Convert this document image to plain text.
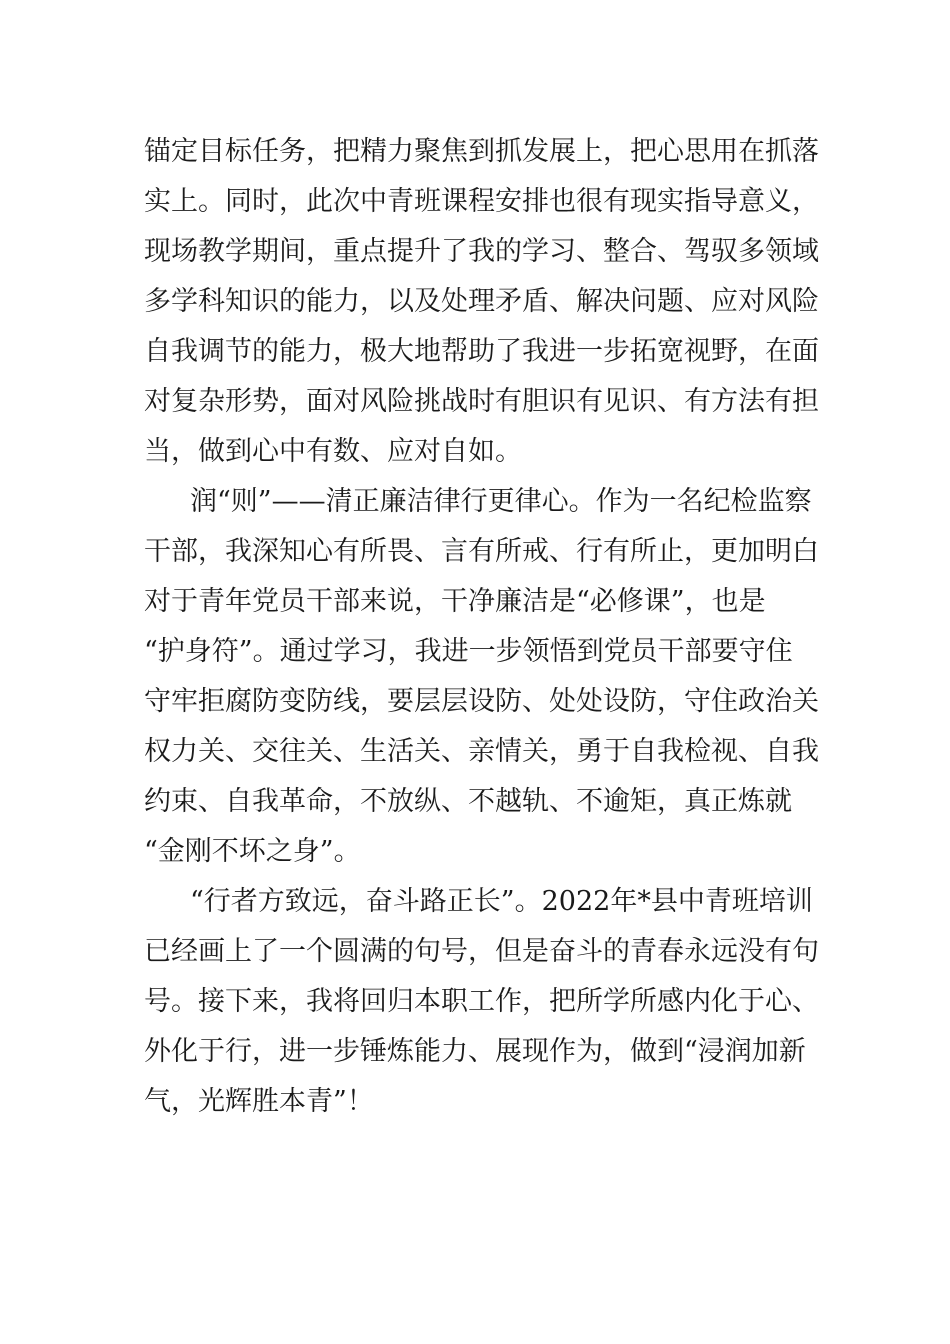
锚定目标任务，把精力聚焦到抓发展上，把心思用在抓落

实上。同时，此次中青班课程安排也很有现实指导意义，

现场教学期间，重点提升了我的学习、整合、驾驭多领域

多学科知识的能力，以及处理矛盾、解决问题、应对风险

自我调节的能力，极大地帮助了我进一步拓宽视野，在面

对复杂形势，面对风险挑战时有胆识有见识、有方法有担

当，做到心中有数、应对自如。

润“则”——清正廉洁律行更律心。作为一名纪检监察

干部，我深知心有所畏、言有所戒、行有所止，更加明白

对于青年党员干部来说，干净廉洁是“必修课”，也是

“护身符”。通过学习，我进一步领悟到党员干部要守住

守牢拒腐防变防线，要层层设防、处处设防，守住政治关

权力关、交往关、生活关、亲情关，勇于自我检视、自我

约束、自我革命，不放纵、不越轨、不逾矩，真正炼就

“金刚不坏之身”。

“行者方致远，奋斗路正长”。2022年*县中青班培训

已经画上了一个圆满的句号，但是奋斗的青春永远没有句

号。接下来，我将回归本职工作，把所学所感内化于心、

外化于行，进一步锤炼能力、展现作为，做到“浸润加新

气，光辉胜本青”！
